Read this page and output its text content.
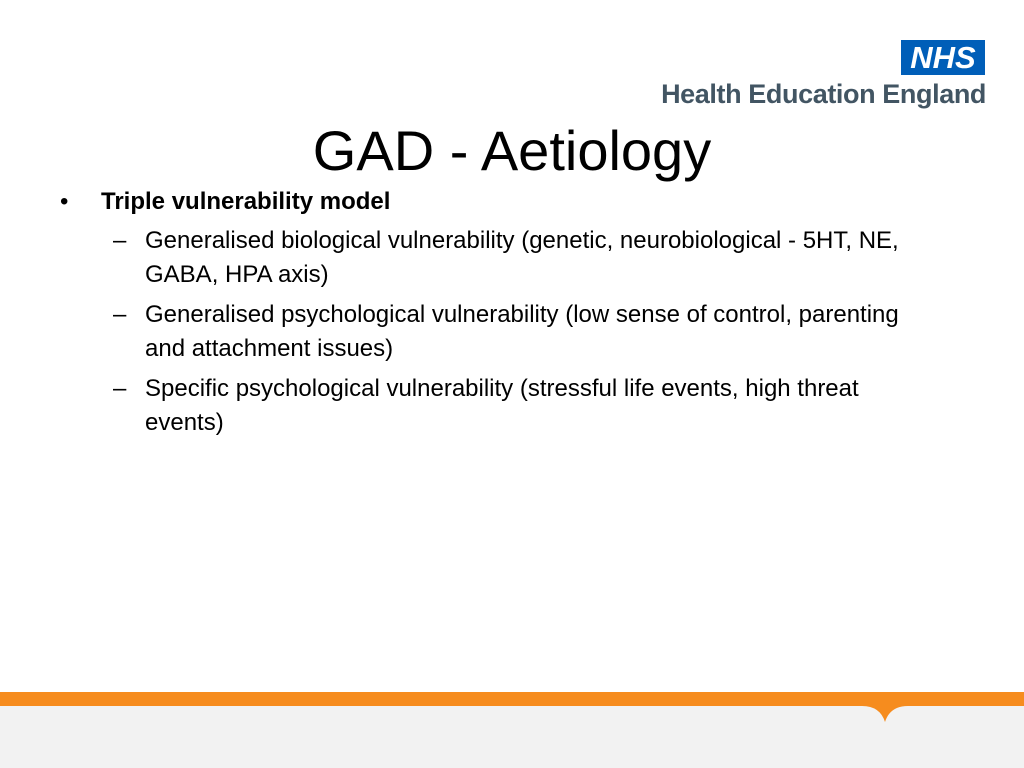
NHS
Health Education England
GAD - Aetiology

• Triple vulnerability model

– Generalised biological vulnerability (genetic, neurobiological - 5HT, NE, GABA, HPA axis)

– Generalised psychological vulnerability (low sense of control, parenting and attachment issues)

– Specific psychological vulnerability (stressful life events, high threat events)
